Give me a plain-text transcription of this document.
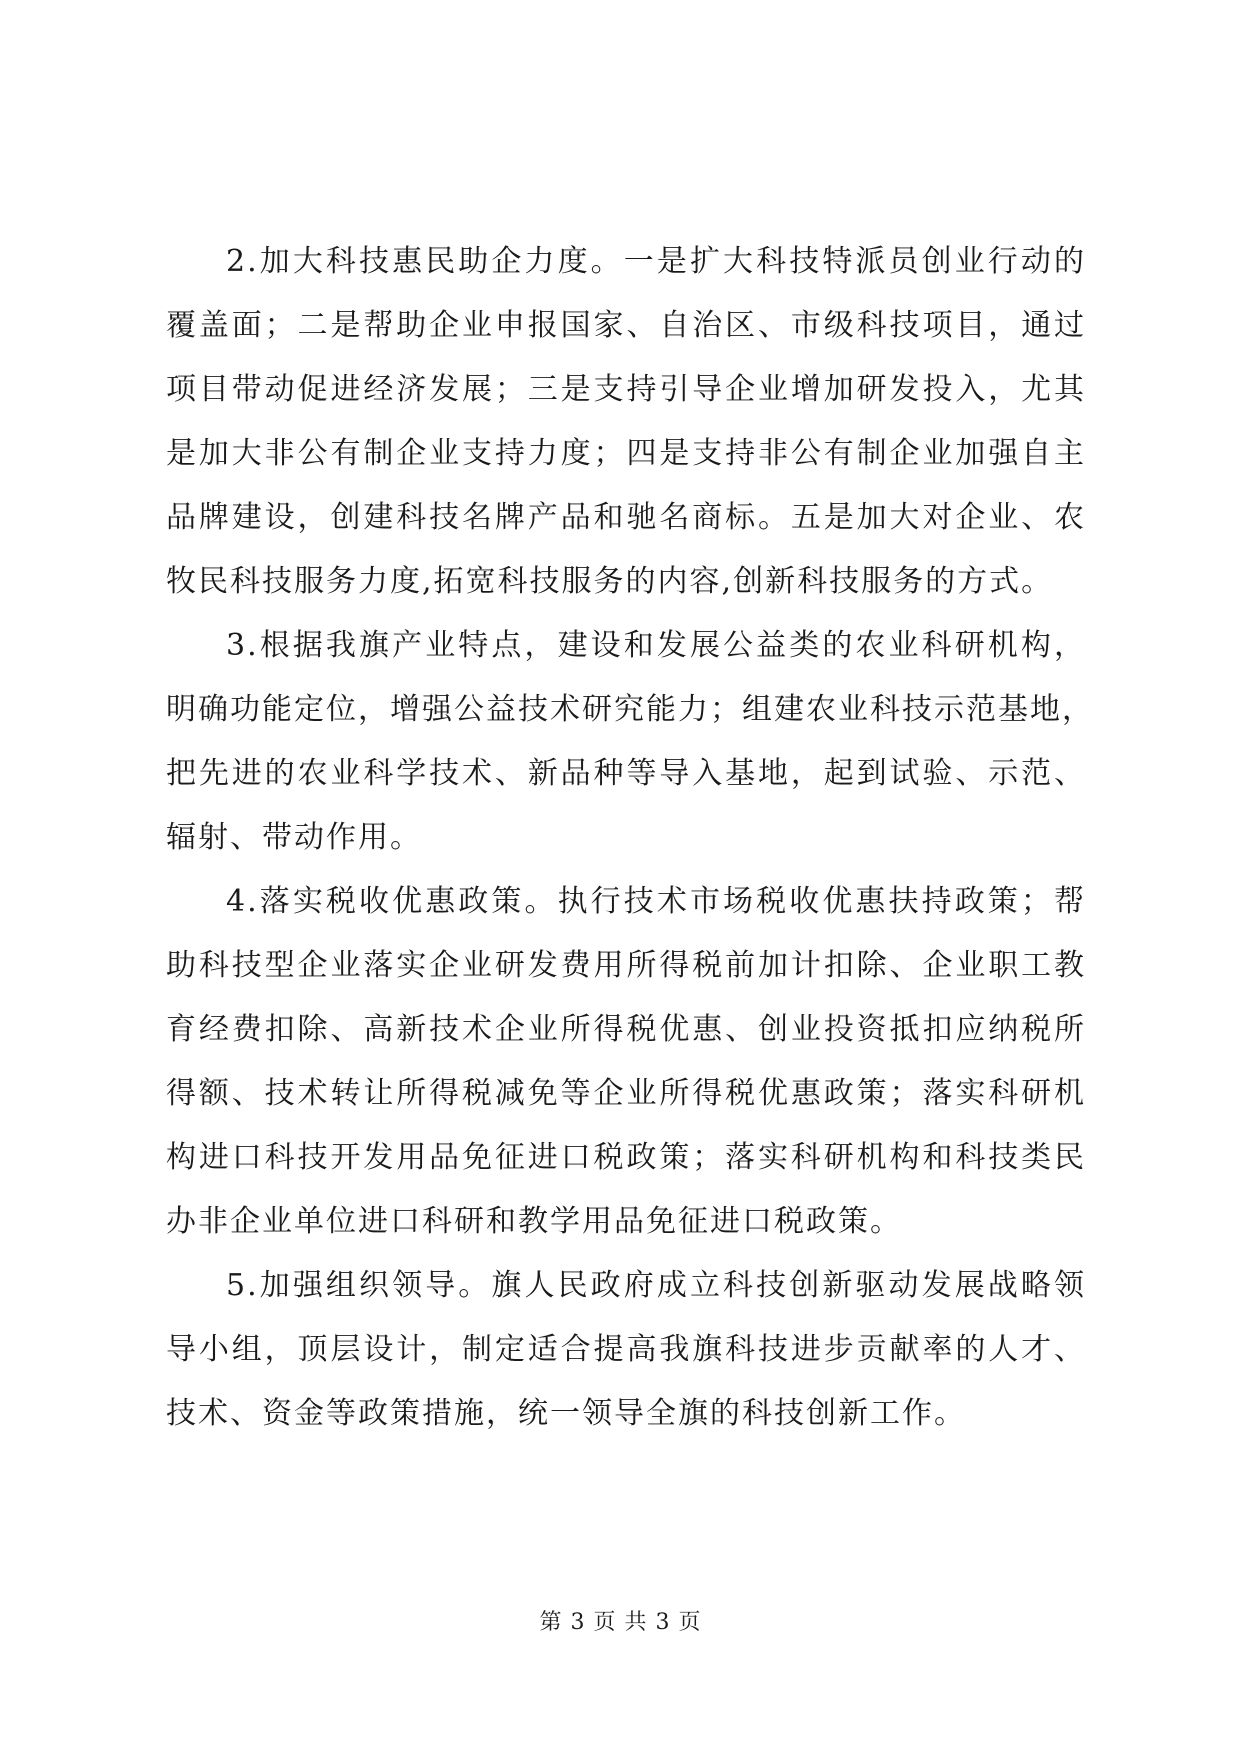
2.加大科技惠民助企力度。一是扩大科技特派员创业行动的
覆盖面；二是帮助企业申报国家、自治区、市级科技项目，通过
项目带动促进经济发展；三是支持引导企业增加研发投入，尤其
是加大非公有制企业支持力度；四是支持非公有制企业加强自主
品牌建设，创建科技名牌产品和驰名商标。五是加大对企业、农
牧民科技服务力度,拓宽科技服务的内容,创新科技服务的方式。
3.根据我旗产业特点，建设和发展公益类的农业科研机构，
明确功能定位，增强公益技术研究能力；组建农业科技示范基地，
把先进的农业科学技术、新品种等导入基地，起到试验、示范、
辐射、带动作用。
4.落实税收优惠政策。执行技术市场税收优惠扶持政策；帮
助科技型企业落实企业研发费用所得税前加计扣除、企业职工教
育经费扣除、高新技术企业所得税优惠、创业投资抵扣应纳税所
得额、技术转让所得税减免等企业所得税优惠政策；落实科研机
构进口科技开发用品免征进口税政策；落实科研机构和科技类民
办非企业单位进口科研和教学用品免征进口税政策。
5.加强组织领导。旗人民政府成立科技创新驱动发展战略领
导小组，顶层设计，制定适合提高我旗科技进步贡献率的人才、
技术、资金等政策措施，统一领导全旗的科技创新工作。
第 3 页 共 3 页
